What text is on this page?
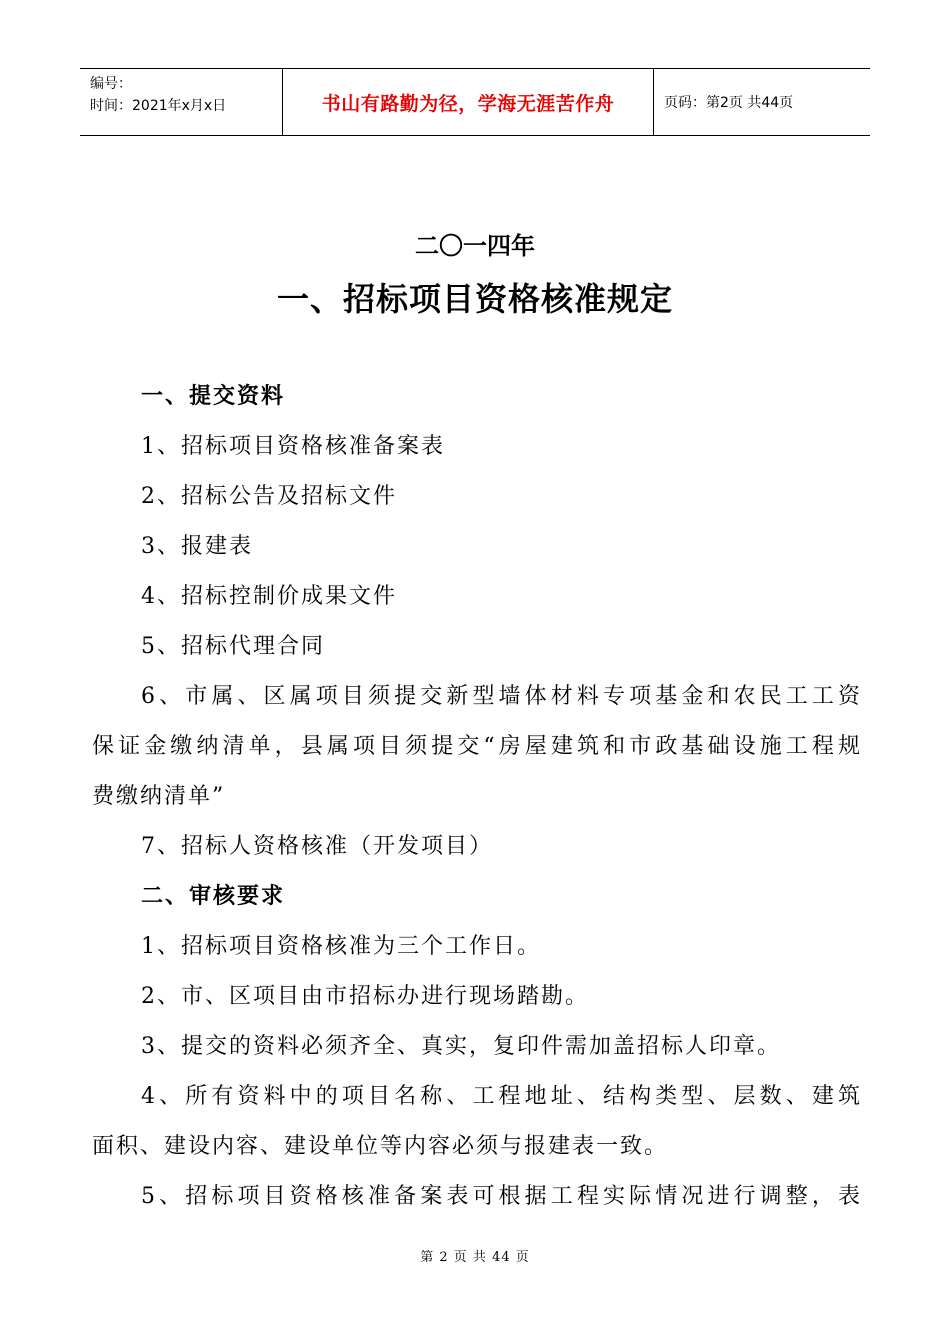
编号：
时间：2021年x月x日	书山有路勤为径，学海无涯苦作舟	页码：第2页 共44页
二〇一四年
一、招标项目资格核准规定
一、提交资料
1、招标项目资格核准备案表
2、招标公告及招标文件
3、报建表
4、招标控制价成果文件
5、招标代理合同
6、市属、区属项目须提交新型墙体材料专项基金和农民工工资
保证金缴纳清单，县属项目须提交“房屋建筑和市政基础设施工程规
费缴纳清单”
7、招标人资格核准（开发项目）
二、审核要求
1、招标项目资格核准为三个工作日。
2、市、区项目由市招标办进行现场踏勘。
3、提交的资料必须齐全、真实，复印件需加盖招标人印章。
4、所有资料中的项目名称、工程地址、结构类型、层数、建筑
面积、建设内容、建设单位等内容必须与报建表一致。
5、招标项目资格核准备案表可根据工程实际情况进行调整，表
第 2 页 共 44 页
